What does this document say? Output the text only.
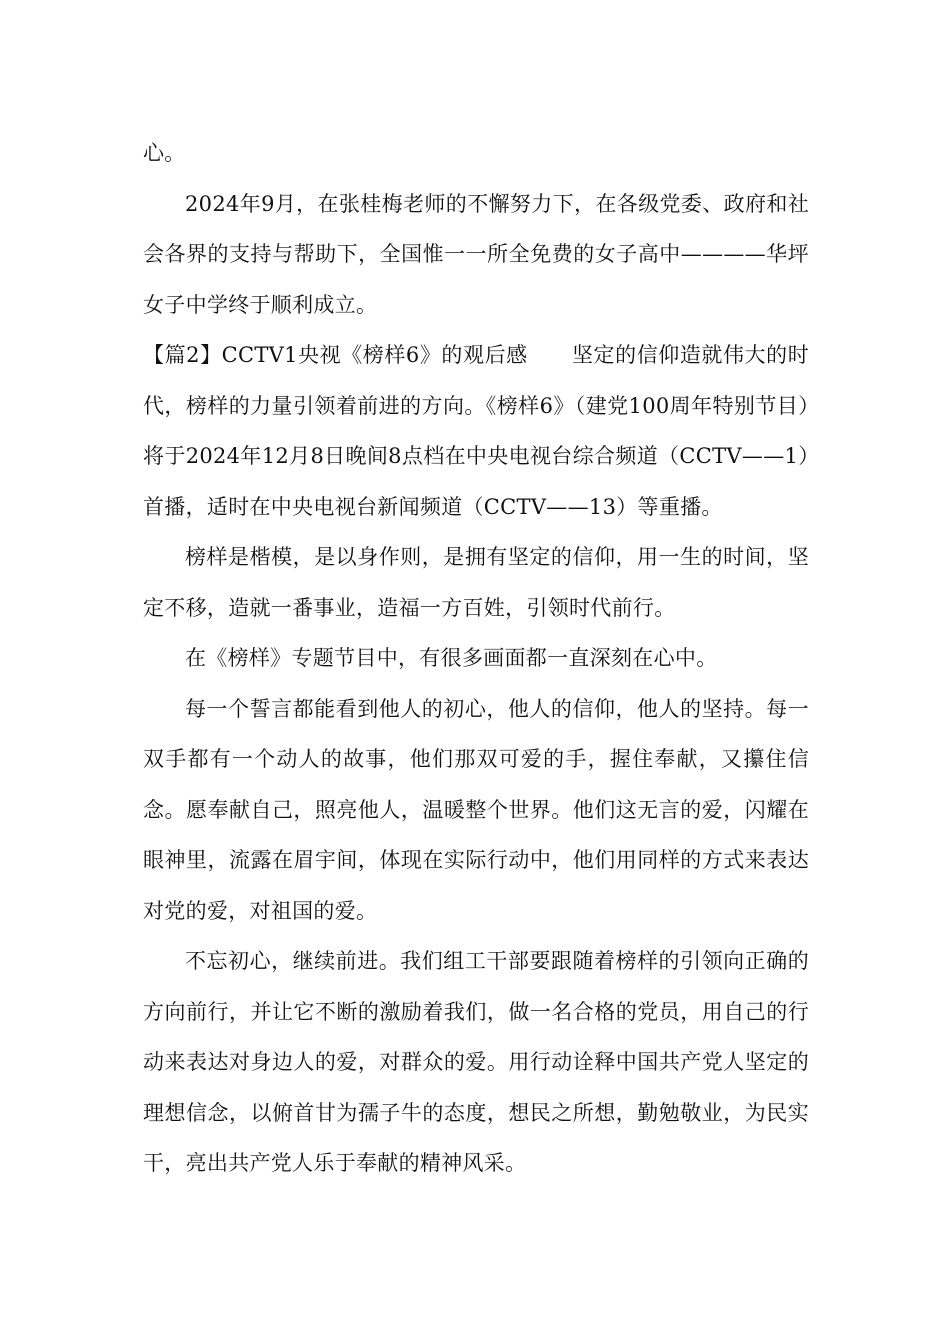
心。

2024年9月，在张桂梅老师的不懈努力下，在各级党委、政府和社会各界的支持与帮助下，全国惟一一所全免费的女子高中————华坪女子中学终于顺利成立。

【篇2】CCTV1央视《榜样6》的观后感 坚定的信仰造就伟大的时代，榜样的力量引领着前进的方向。《榜样6》（建党100周年特别节目）将于2024年12月8日晚间8点档在中央电视台综合频道（CCTV——1）首播，适时在中央电视台新闻频道（CCTV——13）等重播。

榜样是楷模，是以身作则，是拥有坚定的信仰，用一生的时间，坚定不移，造就一番事业，造福一方百姓，引领时代前行。

在《榜样》专题节目中，有很多画面都一直深刻在心中。

每一个誓言都能看到他人的初心，他人的信仰，他人的坚持。每一双手都有一个动人的故事，他们那双可爱的手，握住奉献，又攥住信念。愿奉献自己，照亮他人，温暖整个世界。他们这无言的爱，闪耀在眼神里，流露在眉宇间，体现在实际行动中，他们用同样的方式来表达对党的爱，对祖国的爱。

不忘初心，继续前进。我们组工干部要跟随着榜样的引领向正确的方向前行，并让它不断的激励着我们，做一名合格的党员，用自己的行动来表达对身边人的爱，对群众的爱。用行动诠释中国共产党人坚定的理想信念，以俯首甘为孺子牛的态度，想民之所想，勤勉敬业，为民实干，亮出共产党人乐于奉献的精神风采。
